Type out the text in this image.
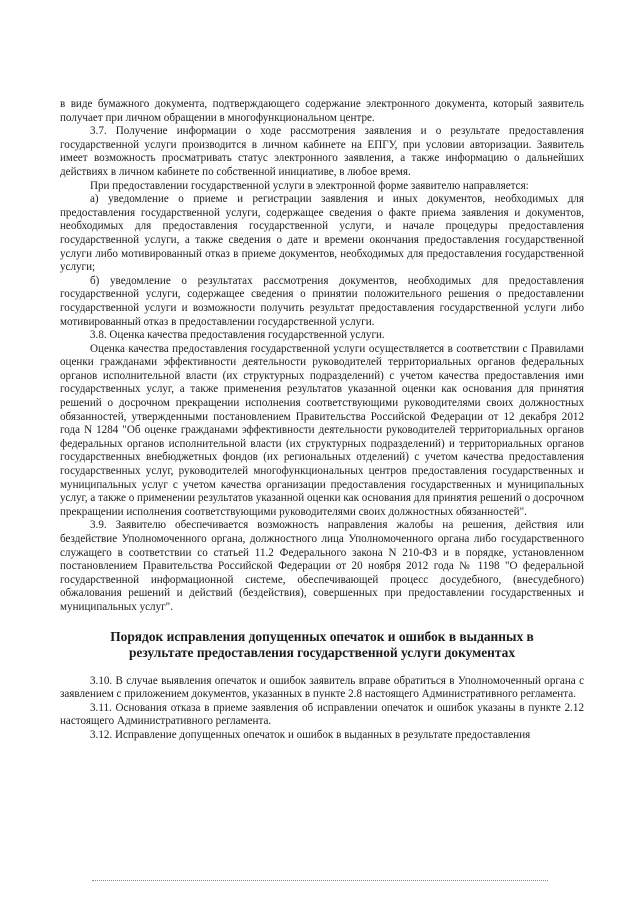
в виде бумажного документа, подтверждающего содержание электронного документа, который заявитель получает при личном обращении в многофункциональном центре.

3.7. Получение информации о ходе рассмотрения заявления и о результате предоставления государственной услуги производится в личном кабинете на ЕПГУ, при условии авторизации. Заявитель имеет возможность просматривать статус электронного заявления, а также информацию о дальнейших действиях в личном кабинете по собственной инициативе, в любое время.

При предоставлении государственной услуги в электронной форме заявителю направляется:

а) уведомление о приеме и регистрации заявления и иных документов, необходимых для предоставления государственной услуги, содержащее сведения о факте приема заявления и документов, необходимых для предоставления государственной услуги, и начале процедуры предоставления государственной услуги, а также сведения о дате и времени окончания предоставления государственной услуги либо мотивированный отказ в приеме документов, необходимых для предоставления государственной услуги;

б) уведомление о результатах рассмотрения документов, необходимых для предоставления государственной услуги, содержащее сведения о принятии положительного решения о предоставлении государственной услуги и возможности получить результат предоставления государственной услуги либо мотивированный отказ в предоставлении государственной услуги.

3.8. Оценка качества предоставления государственной услуги.

Оценка качества предоставления государственной услуги осуществляется в соответствии с Правилами оценки гражданами эффективности деятельности руководителей территориальных органов федеральных органов исполнительной власти (их структурных подразделений) с учетом качества предоставления ими государственных услуг, а также применения результатов указанной оценки как основания для принятия решений о досрочном прекращении исполнения соответствующими руководителями своих должностных обязанностей, утвержденными постановлением Правительства Российской Федерации от 12 декабря 2012 года N 1284 "Об оценке гражданами эффективности деятельности руководителей территориальных органов федеральных органов исполнительной власти (их структурных подразделений) и территориальных органов государственных внебюджетных фондов (их региональных отделений) с учетом качества предоставления государственных услуг, руководителей многофункциональных центров предоставления государственных и муниципальных услуг с учетом качества организации предоставления государственных и муниципальных услуг, а также о применении результатов указанной оценки как основания для принятия решений о досрочном прекращении исполнения соответствующими руководителями своих должностных обязанностей".

3.9. Заявителю обеспечивается возможность направления жалобы на решения, действия или бездействие Уполномоченного органа, должностного лица Уполномоченного органа либо государственного служащего в соответствии со статьей 11.2 Федерального закона N 210-ФЗ и в порядке, установленном постановлением Правительства Российской Федерации от 20 ноября 2012 года № 1198 "О федеральной государственной информационной системе, обеспечивающей процесс досудебного, (внесудебного) обжалования решений и действий (бездействия), совершенных при предоставлении государственных и муниципальных услуг".

Порядок исправления допущенных опечаток и ошибок в выданных в результате предоставления государственной услуги документах

3.10. В случае выявления опечаток и ошибок заявитель вправе обратиться в Уполномоченный органа с заявлением с приложением документов, указанных в пункте 2.8 настоящего Административного регламента.

3.11. Основания отказа в приеме заявления об исправлении опечаток и ошибок указаны в пункте 2.12 настоящего Административного регламента.

3.12. Исправление допущенных опечаток и ошибок в выданных в результате предоставления
